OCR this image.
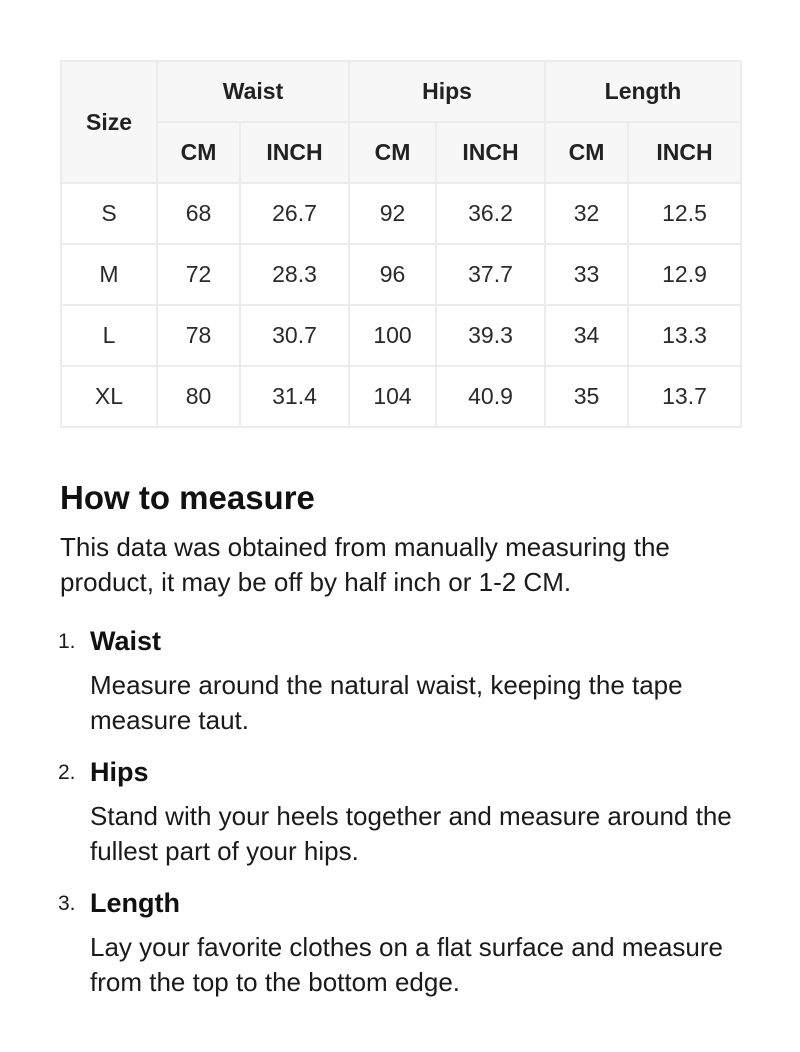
Size	Waist		Hips		Length	
	CM	INCH	CM	INCH	CM	INCH
S	68	26.7	92	36.2	32	12.5
M	72	28.3	96	37.7	33	12.9
L	78	30.7	100	39.3	34	13.3
XL	80	31.4	104	40.9	35	13.7
How to measure

This data was obtained from manually measuring the product, it may be off by half inch or 1-2 CM.

1. Waist
Measure around the natural waist, keeping the tape measure taut.
2. Hips
Stand with your heels together and measure around the fullest part of your hips.
3. Length
Lay your favorite clothes on a flat surface and measure from the top to the bottom edge.
